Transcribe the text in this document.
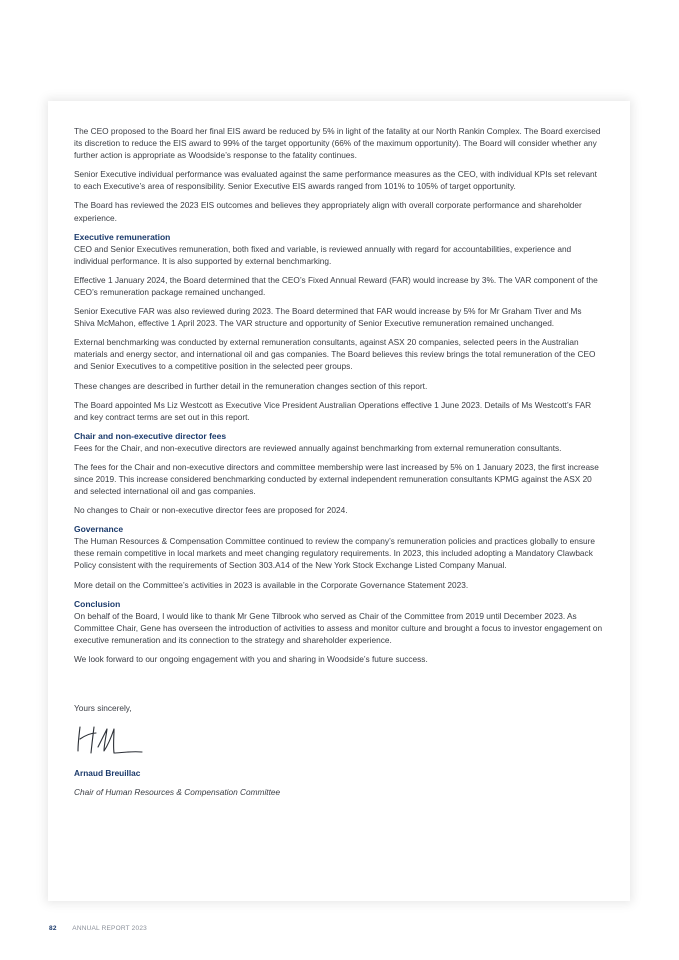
The CEO proposed to the Board her final EIS award be reduced by 5% in light of the fatality at our North Rankin Complex. The Board exercised its discretion to reduce the EIS award to 99% of the target opportunity (66% of the maximum opportunity). The Board will consider whether any further action is appropriate as Woodside’s response to the fatality continues.

Senior Executive individual performance was evaluated against the same performance measures as the CEO, with individual KPIs set relevant to each Executive’s area of responsibility. Senior Executive EIS awards ranged from 101% to 105% of target opportunity.

The Board has reviewed the 2023 EIS outcomes and believes they appropriately align with overall corporate performance and shareholder experience.

Executive remuneration

CEO and Senior Executives remuneration, both fixed and variable, is reviewed annually with regard for accountabilities, experience and individual performance. It is also supported by external benchmarking.

Effective 1 January 2024, the Board determined that the CEO’s Fixed Annual Reward (FAR) would increase by 3%. The VAR component of the CEO’s remuneration package remained unchanged.

Senior Executive FAR was also reviewed during 2023. The Board determined that FAR would increase by 5% for Mr Graham Tiver and Ms Shiva McMahon, effective 1 April 2023. The VAR structure and opportunity of Senior Executive remuneration remained unchanged.

External benchmarking was conducted by external remuneration consultants, against ASX 20 companies, selected peers in the Australian materials and energy sector, and international oil and gas companies. The Board believes this review brings the total remuneration of the CEO and Senior Executives to a competitive position in the selected peer groups.

These changes are described in further detail in the remuneration changes section of this report.

The Board appointed Ms Liz Westcott as Executive Vice President Australian Operations effective 1 June 2023. Details of Ms Westcott’s FAR and key contract terms are set out in this report.

Chair and non-executive director fees

Fees for the Chair, and non-executive directors are reviewed annually against benchmarking from external remuneration consultants.

The fees for the Chair and non-executive directors and committee membership were last increased by 5% on 1 January 2023, the first increase since 2019. This increase considered benchmarking conducted by external independent remuneration consultants KPMG against the ASX 20 and selected international oil and gas companies.

No changes to Chair or non-executive director fees are proposed for 2024.

Governance

The Human Resources & Compensation Committee continued to review the company’s remuneration policies and practices globally to ensure these remain competitive in local markets and meet changing regulatory requirements. In 2023, this included adopting a Mandatory Clawback Policy consistent with the requirements of Section 303.A14 of the New York Stock Exchange Listed Company Manual.

More detail on the Committee’s activities in 2023 is available in the Corporate Governance Statement 2023.

Conclusion

On behalf of the Board, I would like to thank Mr Gene Tilbrook who served as Chair of the Committee from 2019 until December 2023. As Committee Chair, Gene has overseen the introduction of activities to assess and monitor culture and brought a focus to investor engagement on executive remuneration and its connection to the strategy and shareholder experience.

We look forward to our ongoing engagement with you and sharing in Woodside’s future success.

Yours sincerely,

Arnaud Breuillac

Chair of Human Resources & Compensation Committee

82 ANNUAL REPORT 2023
